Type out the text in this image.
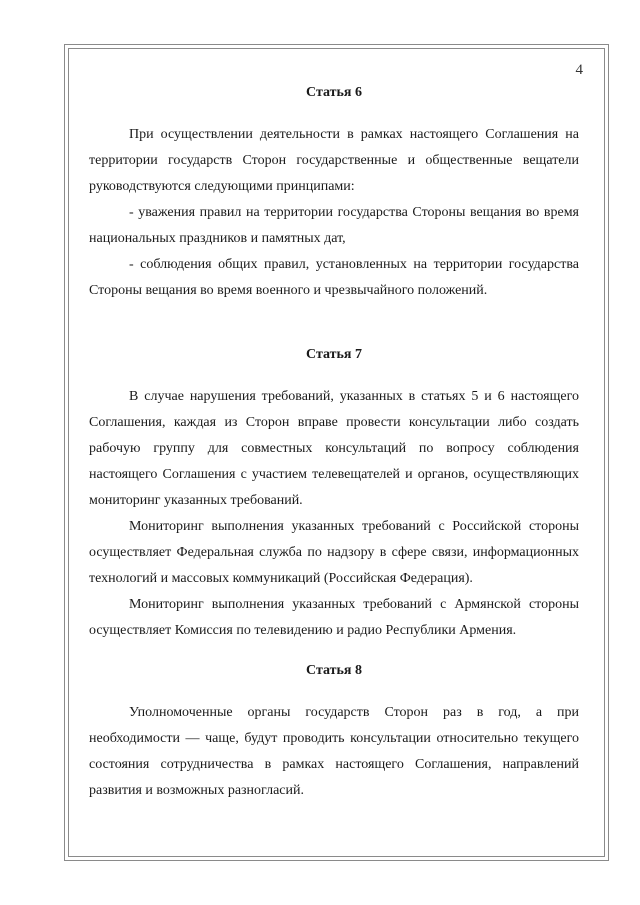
4

Статья 6

При осуществлении деятельности в рамках настоящего Соглашения на территории государств Сторон государственные и общественные вещатели руководствуются следующими принципами:

- уважения правил на территории государства Стороны вещания во время национальных праздников и памятных дат,

- соблюдения общих правил, установленных на территории государства Стороны вещания во время военного и чрезвычайного положений.

Статья 7

В случае нарушения требований, указанных в статьях 5 и 6 настоящего Соглашения, каждая из Сторон вправе провести консультации либо создать рабочую группу для совместных консультаций по вопросу соблюдения настоящего Соглашения с участием телевещателей и органов, осуществляющих мониторинг указанных требований.

Мониторинг выполнения указанных требований с Российской стороны осуществляет Федеральная служба по надзору в сфере связи, информационных технологий и массовых коммуникаций (Российская Федерация).

Мониторинг выполнения указанных требований с Армянской стороны осуществляет Комиссия по телевидению и радио Республики Армения.

Статья 8

Уполномоченные органы государств Сторон раз в год, а при необходимости — чаще, будут проводить консультации относительно текущего состояния сотрудничества в рамках настоящего Соглашения, направлений развития и возможных разногласий.
